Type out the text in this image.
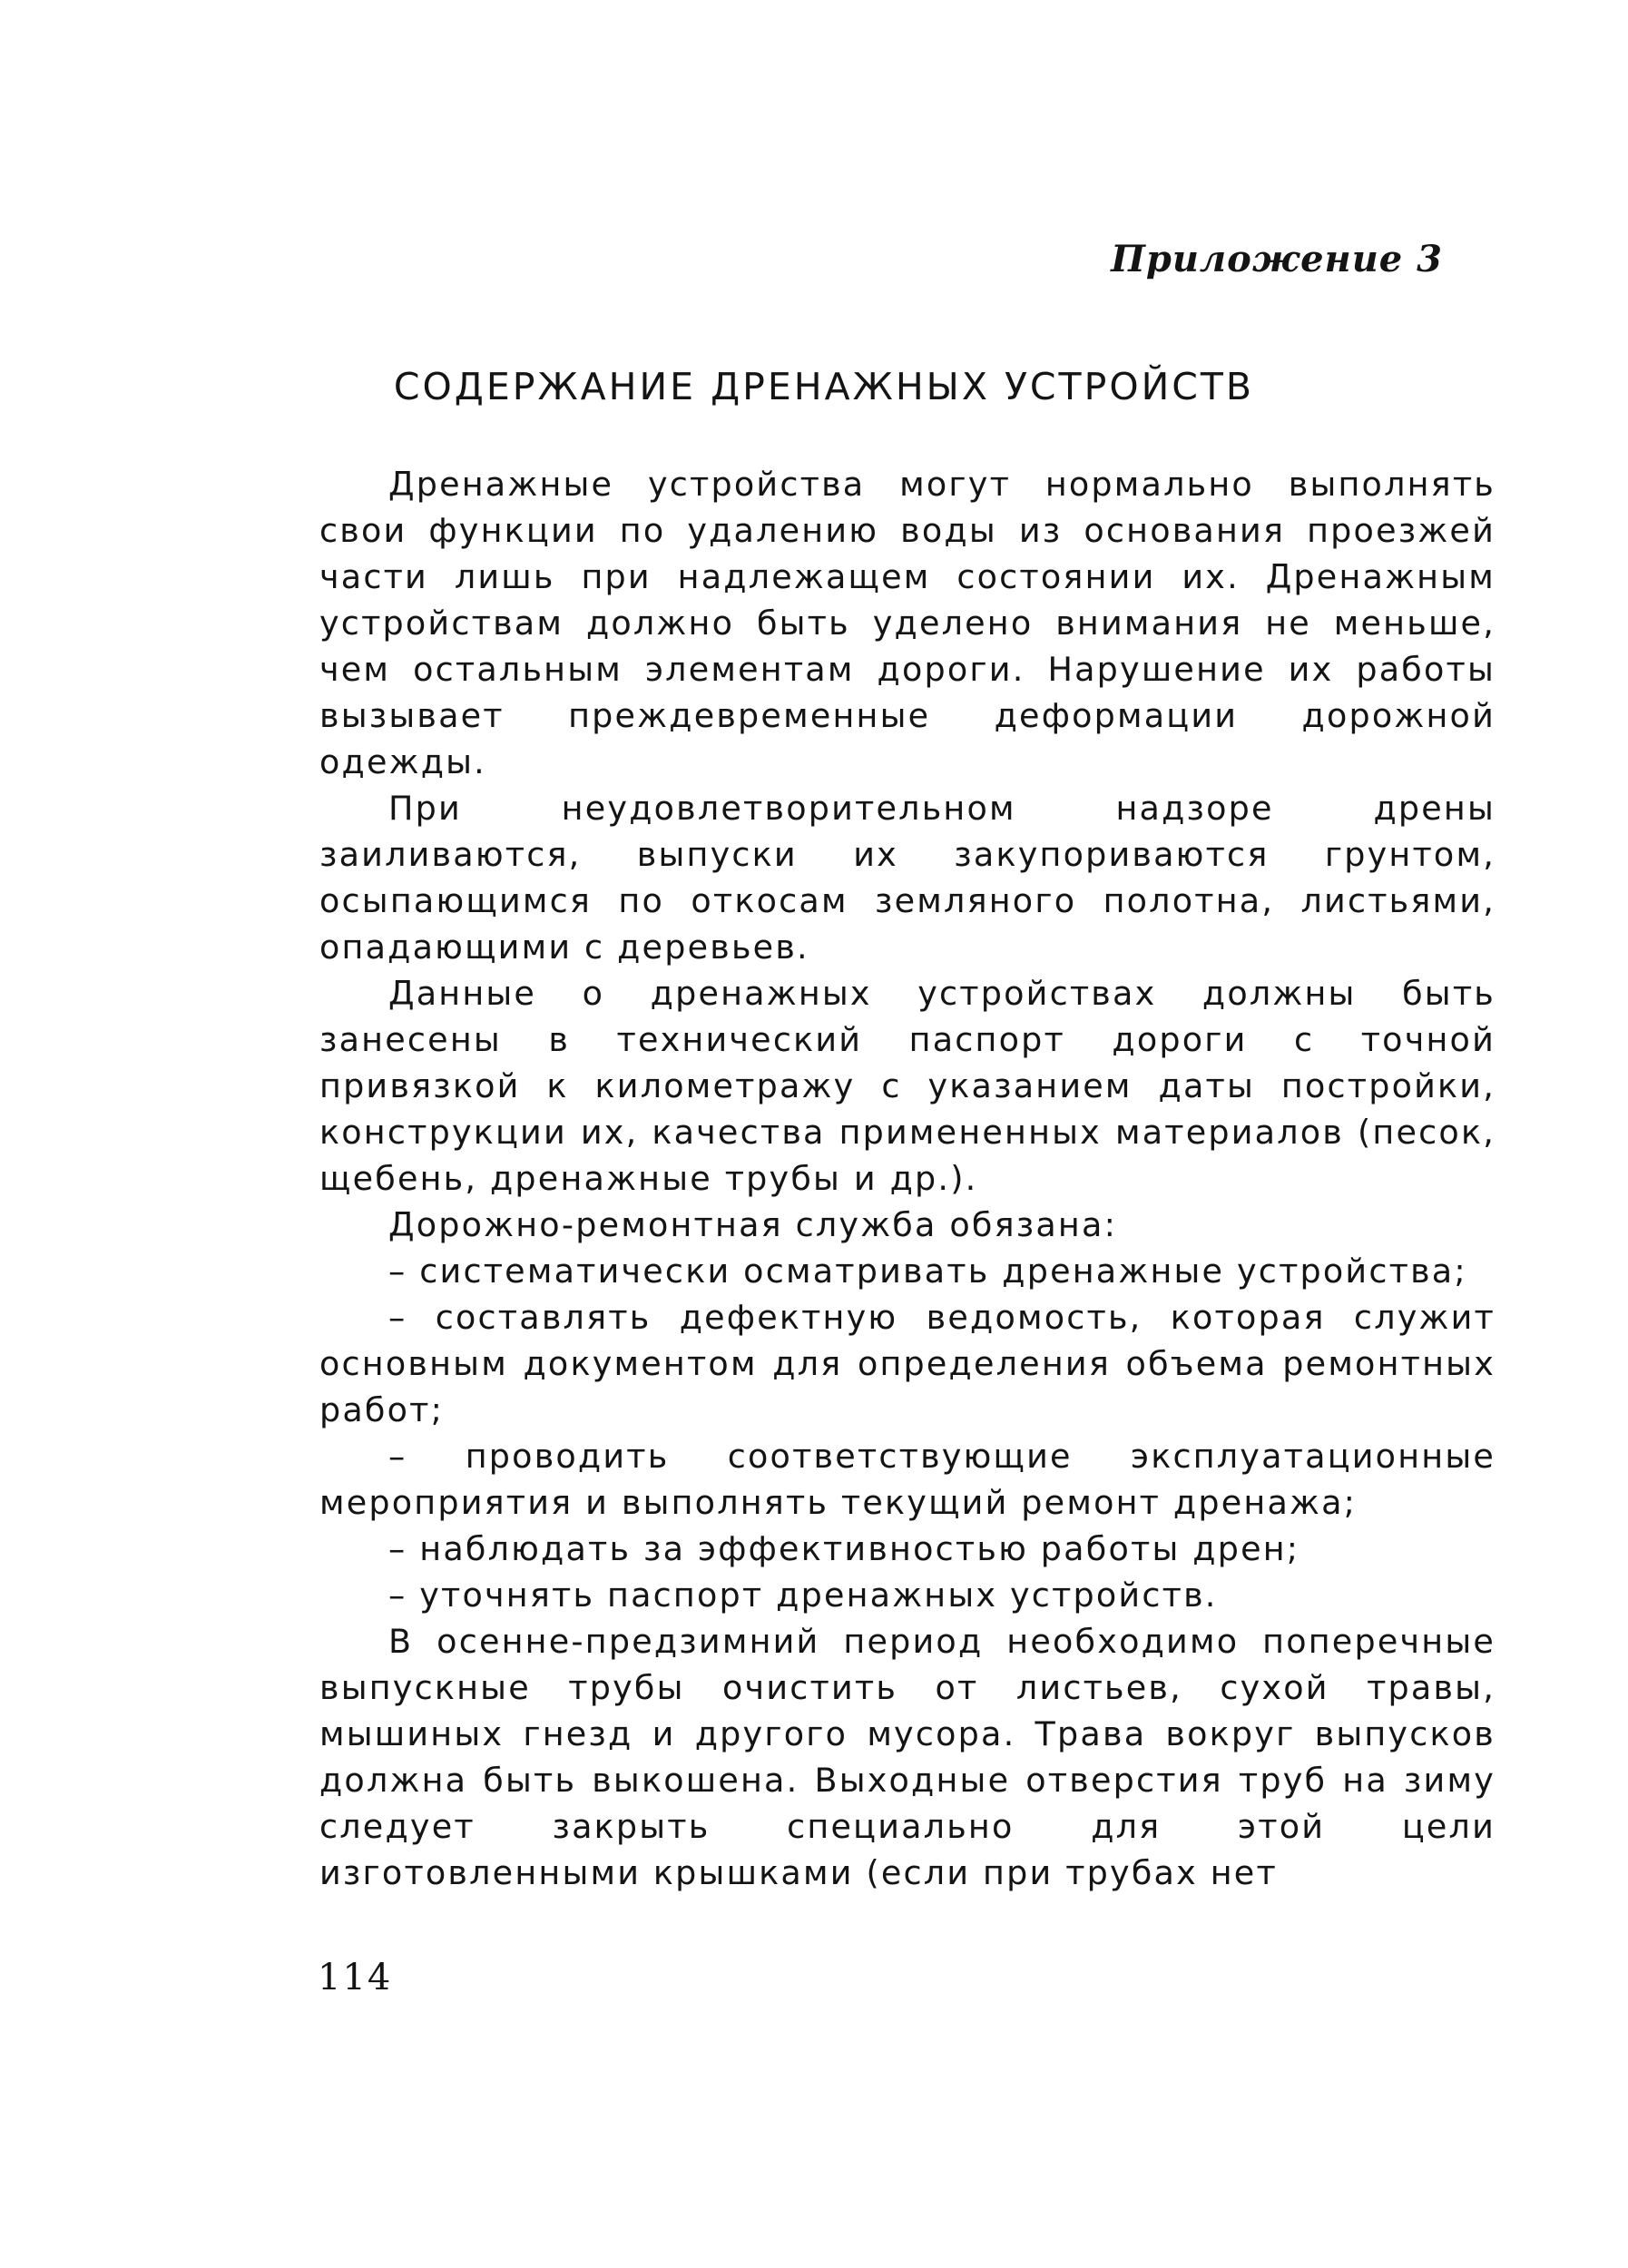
Приложение 3
СОДЕРЖАНИЕ ДРЕНАЖНЫХ УСТРОЙСТВ

Дренажные устройства могут нормально выполнять свои функции по удалению воды из основания проезжей части лишь при надлежащем состоянии их. Дренажным устройствам должно быть уделено внимания не меньше, чем остальным элементам дороги. Нарушение их работы вызывает преждевременные деформации дорожной одежды.

При неудовлетворительном надзоре дрены заиливаются, выпуски их закупориваются грунтом, осыпающимся по откосам земляного полотна, листьями, опадающими с деревьев.

Данные о дренажных устройствах должны быть занесены в технический паспорт дороги с точной привязкой к километражу с указанием даты постройки, конструкции их, качества примененных материалов (песок, щебень, дренажные трубы и др.).

Дорожно-ремонтная служба обязана:

– систематически осматривать дренажные устройства;

– составлять дефектную ведомость, которая служит основным документом для определения объема ремонтных работ;

– проводить соответствующие эксплуатационные мероприятия и выполнять текущий ремонт дренажа;

– наблюдать за эффективностью работы дрен;

– уточнять паспорт дренажных устройств.

В осенне-предзимний период необходимо поперечные выпускные трубы очистить от листьев, сухой травы, мышиных гнезд и другого мусора. Трава вокруг выпусков должна быть выкошена. Выходные отверстия труб на зиму следует закрыть специально для этой цели изготовленными крышками (если при трубах нет

114
